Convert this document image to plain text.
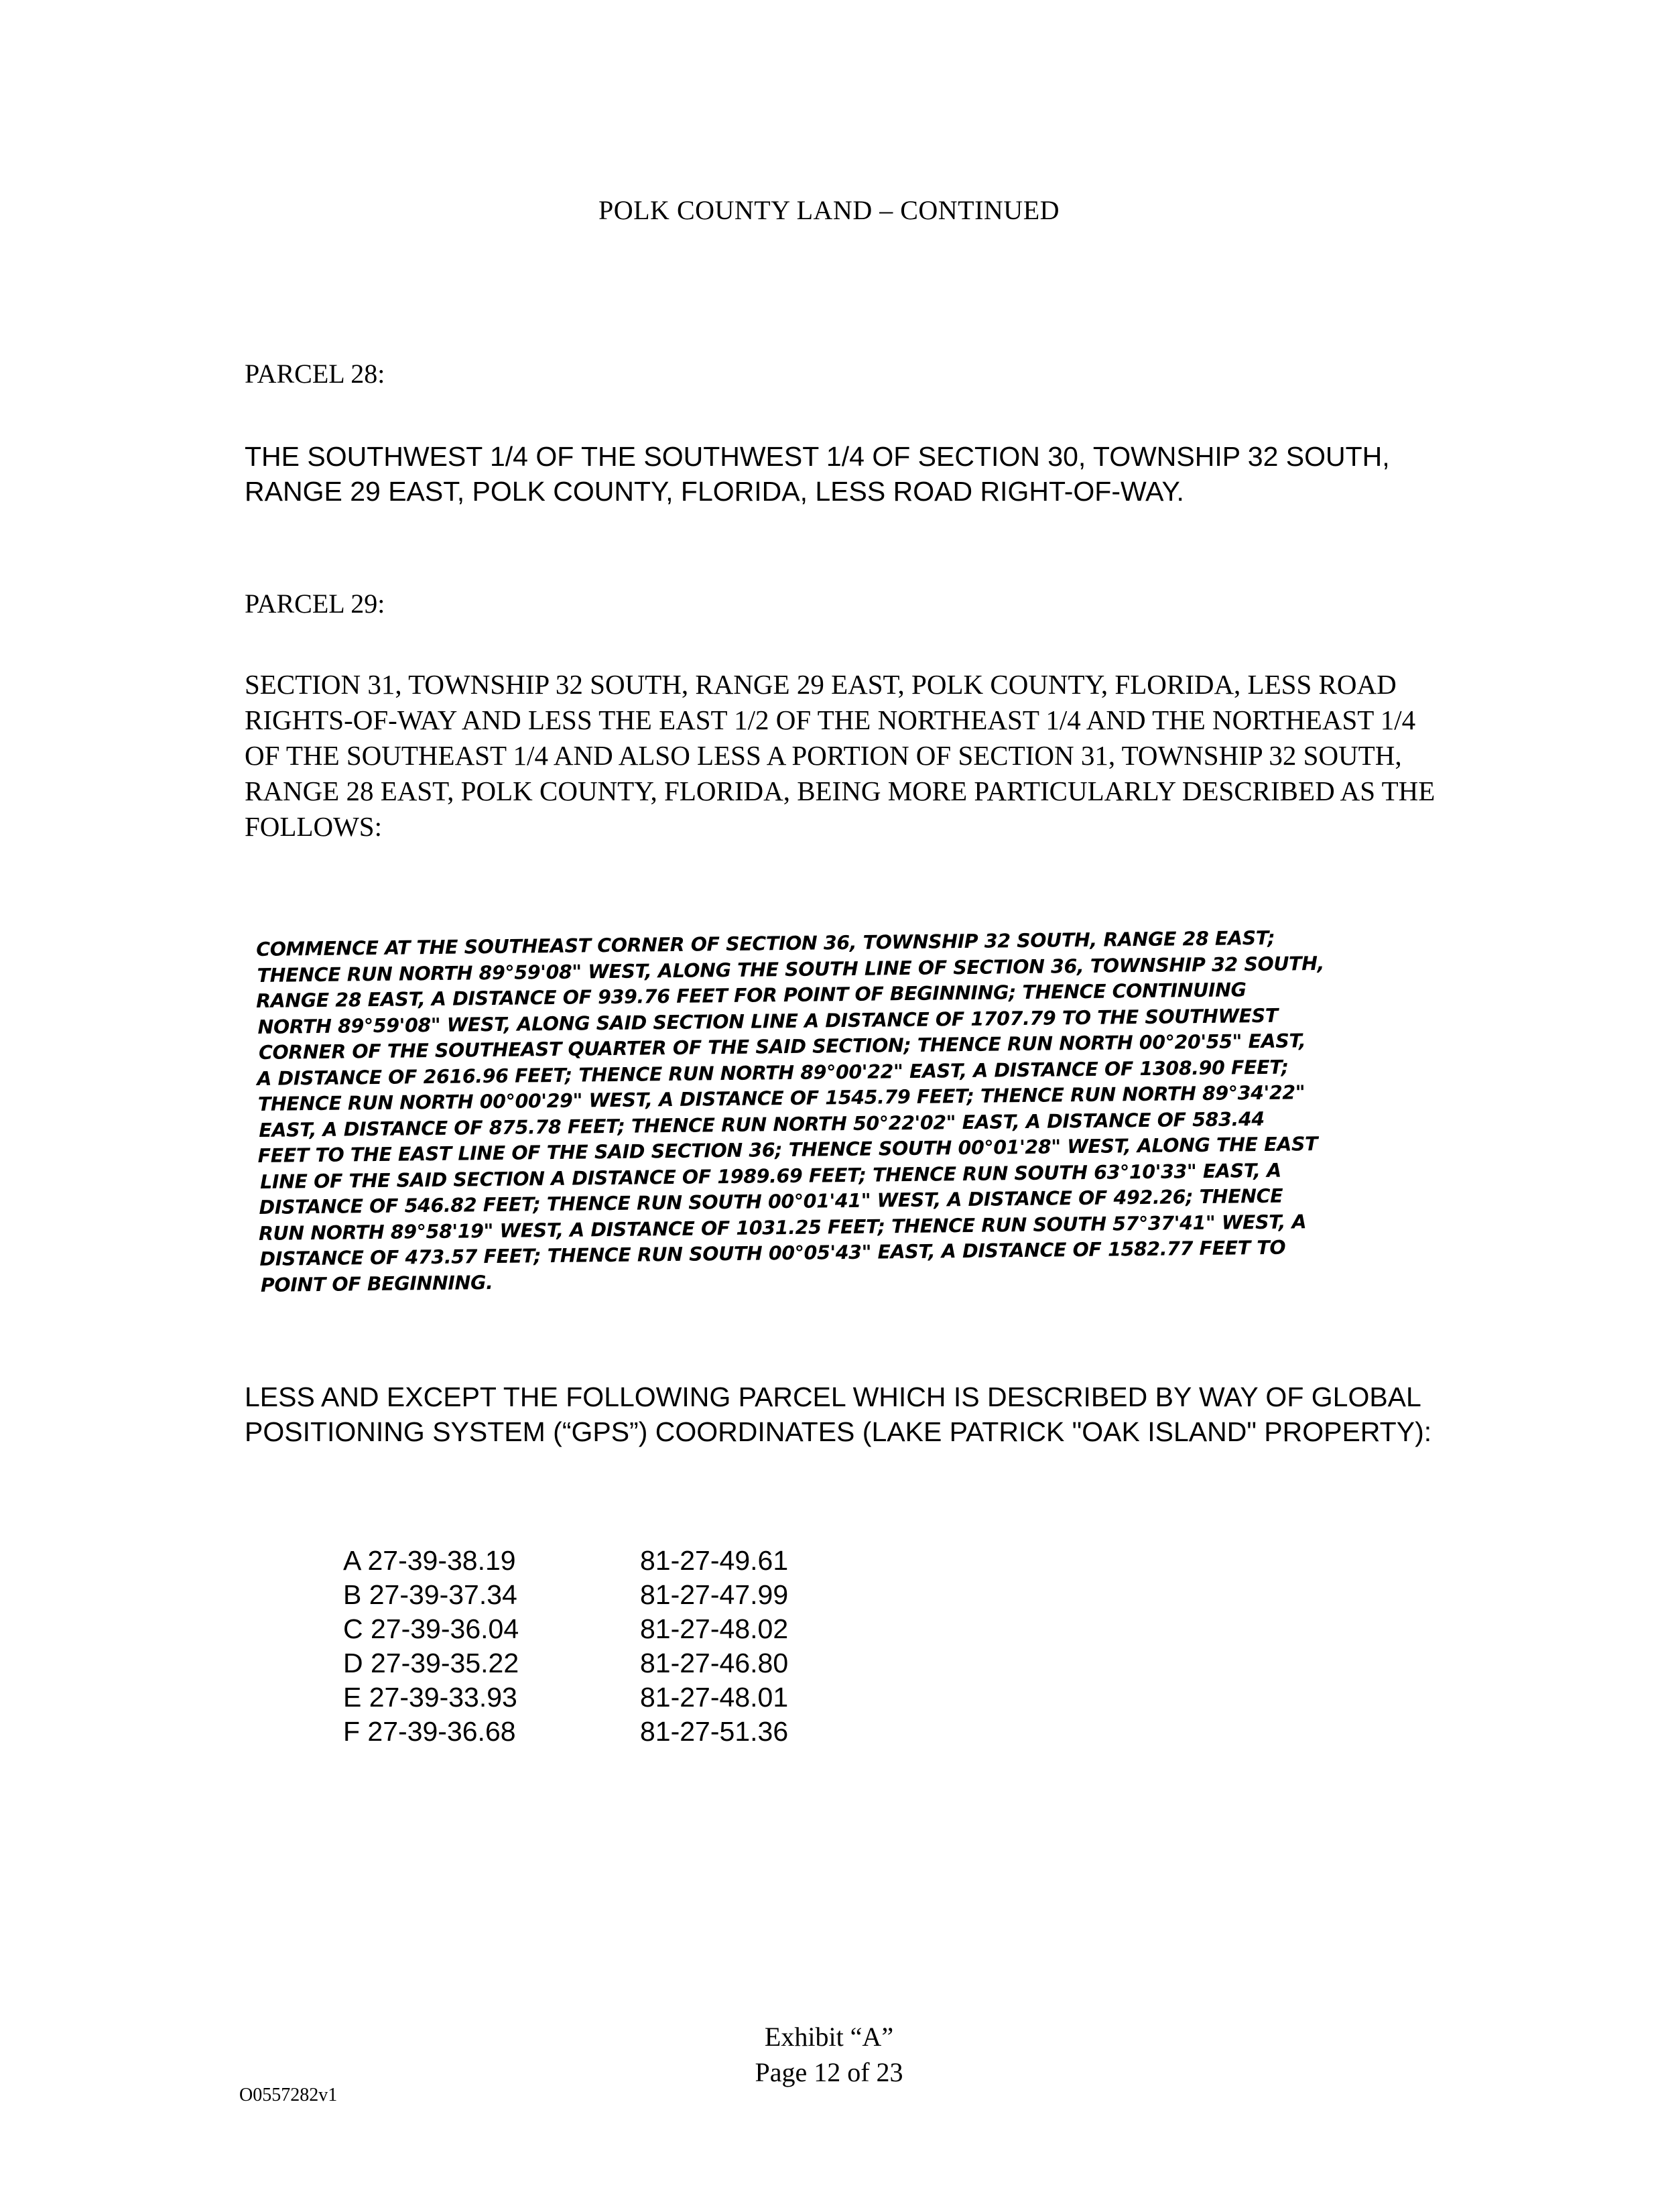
POLK COUNTY LAND – CONTINUED
PARCEL 28:
THE SOUTHWEST 1/4 OF THE SOUTHWEST 1/4 OF SECTION 30, TOWNSHIP 32 SOUTH, RANGE 29 EAST, POLK COUNTY, FLORIDA, LESS ROAD RIGHT-OF-WAY.
PARCEL 29:
SECTION 31, TOWNSHIP 32 SOUTH, RANGE 29 EAST, POLK COUNTY, FLORIDA, LESS ROAD RIGHTS-OF-WAY AND LESS THE EAST 1/2 OF THE NORTHEAST 1/4 AND THE NORTHEAST 1/4 OF THE SOUTHEAST 1/4 AND ALSO LESS A PORTION OF SECTION 31, TOWNSHIP 32 SOUTH, RANGE 28 EAST, POLK COUNTY, FLORIDA, BEING MORE PARTICULARLY DESCRIBED AS THE FOLLOWS:
COMMENCE AT THE SOUTHEAST CORNER OF SECTION 36, TOWNSHIP 32 SOUTH, RANGE 28 EAST;
THENCE RUN NORTH 89°59'08" WEST, ALONG THE SOUTH LINE OF SECTION 36, TOWNSHIP 32 SOUTH,
RANGE 28 EAST, A DISTANCE OF 939.76 FEET FOR POINT OF BEGINNING; THENCE CONTINUING
NORTH 89°59'08" WEST, ALONG SAID SECTION LINE A DISTANCE OF 1707.79 TO THE SOUTHWEST
CORNER OF THE SOUTHEAST QUARTER OF THE SAID SECTION; THENCE RUN NORTH 00°20'55" EAST,
A DISTANCE OF 2616.96 FEET; THENCE RUN NORTH 89°00'22" EAST, A DISTANCE OF 1308.90 FEET;
THENCE RUN NORTH 00°00'29" WEST, A DISTANCE OF 1545.79 FEET; THENCE RUN NORTH 89°34'22"
EAST, A DISTANCE OF 875.78 FEET; THENCE RUN NORTH 50°22'02" EAST, A DISTANCE OF 583.44
FEET TO THE EAST LINE OF THE SAID SECTION 36; THENCE SOUTH 00°01'28" WEST, ALONG THE EAST
LINE OF THE SAID SECTION A DISTANCE OF 1989.69 FEET; THENCE RUN SOUTH 63°10'33" EAST, A
DISTANCE OF 546.82 FEET; THENCE RUN SOUTH 00°01'41" WEST, A DISTANCE OF 492.26; THENCE
RUN NORTH 89°58'19" WEST, A DISTANCE OF 1031.25 FEET; THENCE RUN SOUTH 57°37'41" WEST, A
DISTANCE OF 473.57 FEET; THENCE RUN SOUTH 00°05'43" EAST, A DISTANCE OF 1582.77 FEET TO
POINT OF BEGINNING.
LESS AND EXCEPT THE FOLLOWING PARCEL WHICH IS DESCRIBED BY WAY OF GLOBAL POSITIONING SYSTEM (“GPS”) COORDINATES (LAKE PATRICK "OAK ISLAND" PROPERTY):
A 27-39-38.19	81-27-49.61
B 27-39-37.34	81-27-47.99
C 27-39-36.04	81-27-48.02
D 27-39-35.22	81-27-46.80
E 27-39-33.93	81-27-48.01
F 27-39-36.68	81-27-51.36
Exhibit “A”
Page 12 of 23
O0557282v1
